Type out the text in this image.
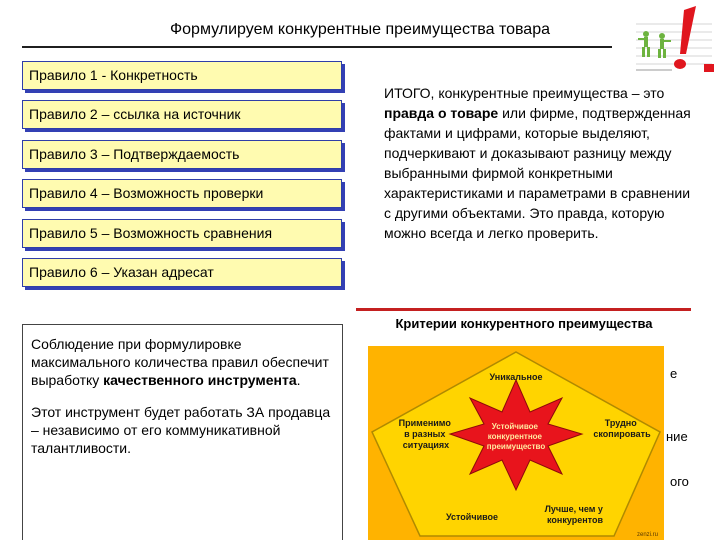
Формулируем конкурентные преимущества товара
Правило 1 - Конкретность
Правило 2 – ссылка на источник
Правило 3 – Подтверждаемость
Правило 4 – Возможность проверки
Правило 5 – Возможность сравнения
Правило 6 – Указан адресат
ИТОГО, конкурентные преимущества – это правда о товаре или фирме, подтвержденная фактами и цифрами, которые выделяют, подчеркивают и доказывают разницу между выбранными фирмой конкретными характеристиками и параметрами в сравнении с другими объектами. Это правда, которую можно всегда и легко проверить.
Критерии конкурентного преимущества

Соблюдение при формулировке максимального количества правил обеспечит выработку качественного инструмента.

Этот инструмент будет работать ЗА продавца – независимо от его коммуникативной талантливости.

Устойчивое конкурентное преимущество
Уникальное
Применимо в разных ситуациях
Трудно скопировать
Устойчивое
Лучше, чем у конкурентов
zenzi.ru
е
ние
ого
